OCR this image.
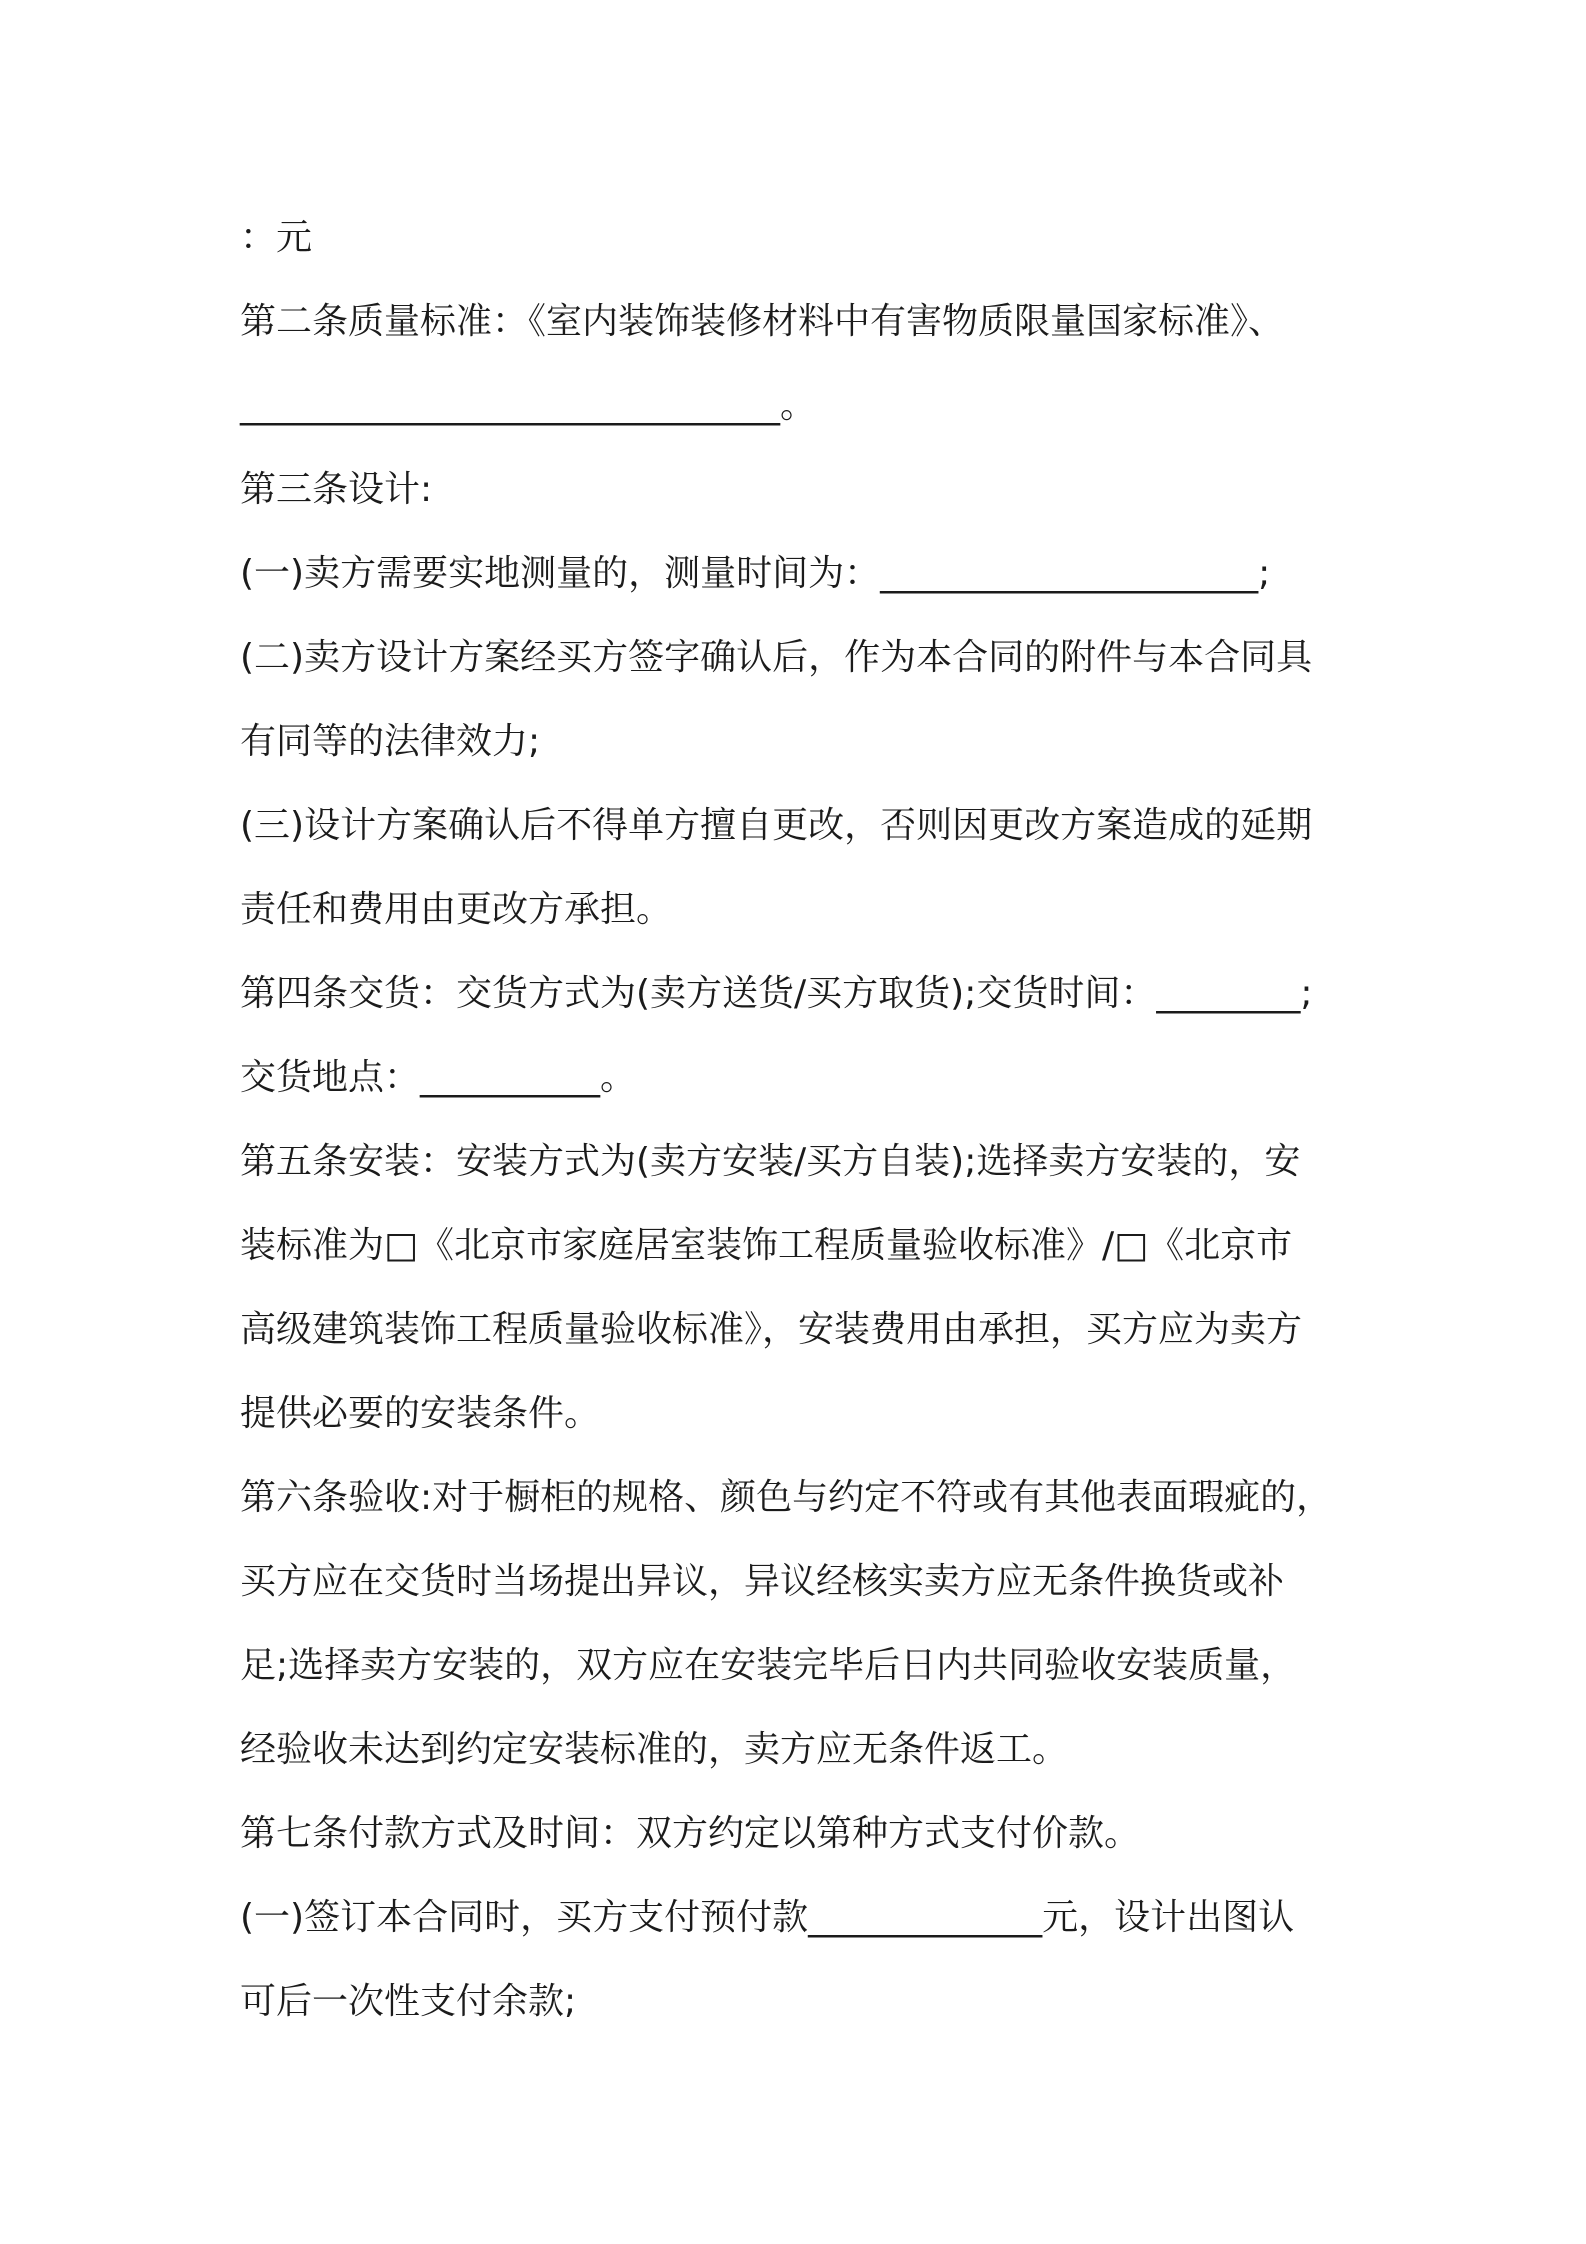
：元

第二条质量标准：《室内装饰装修材料中有害物质限量国家标准》、

______________________________。

第三条设计:

(一)卖方需要实地测量的，测量时间为：_____________________;

(二)卖方设计方案经买方签字确认后，作为本合同的附件与本合同具

有同等的法律效力;

(三)设计方案确认后不得单方擅自更改，否则因更改方案造成的延期

责任和费用由更改方承担。

第四条交货：交货方式为(卖方送货/买方取货);交货时间：________;

交货地点：__________。

第五条安装：安装方式为(卖方安装/买方自装);选择卖方安装的，安

装标准为□《北京市家庭居室装饰工程质量验收标准》/□《北京市

高级建筑装饰工程质量验收标准》，安装费用由承担，买方应为卖方

提供必要的安装条件。

第六条验收:对于橱柜的规格、颜色与约定不符或有其他表面瑕疵的，

买方应在交货时当场提出异议，异议经核实卖方应无条件换货或补

足;选择卖方安装的，双方应在安装完毕后日内共同验收安装质量，

经验收未达到约定安装标准的，卖方应无条件返工。

第七条付款方式及时间：双方约定以第种方式支付价款。

(一)签订本合同时，买方支付预付款_____________元，设计出图认

可后一次性支付余款;
